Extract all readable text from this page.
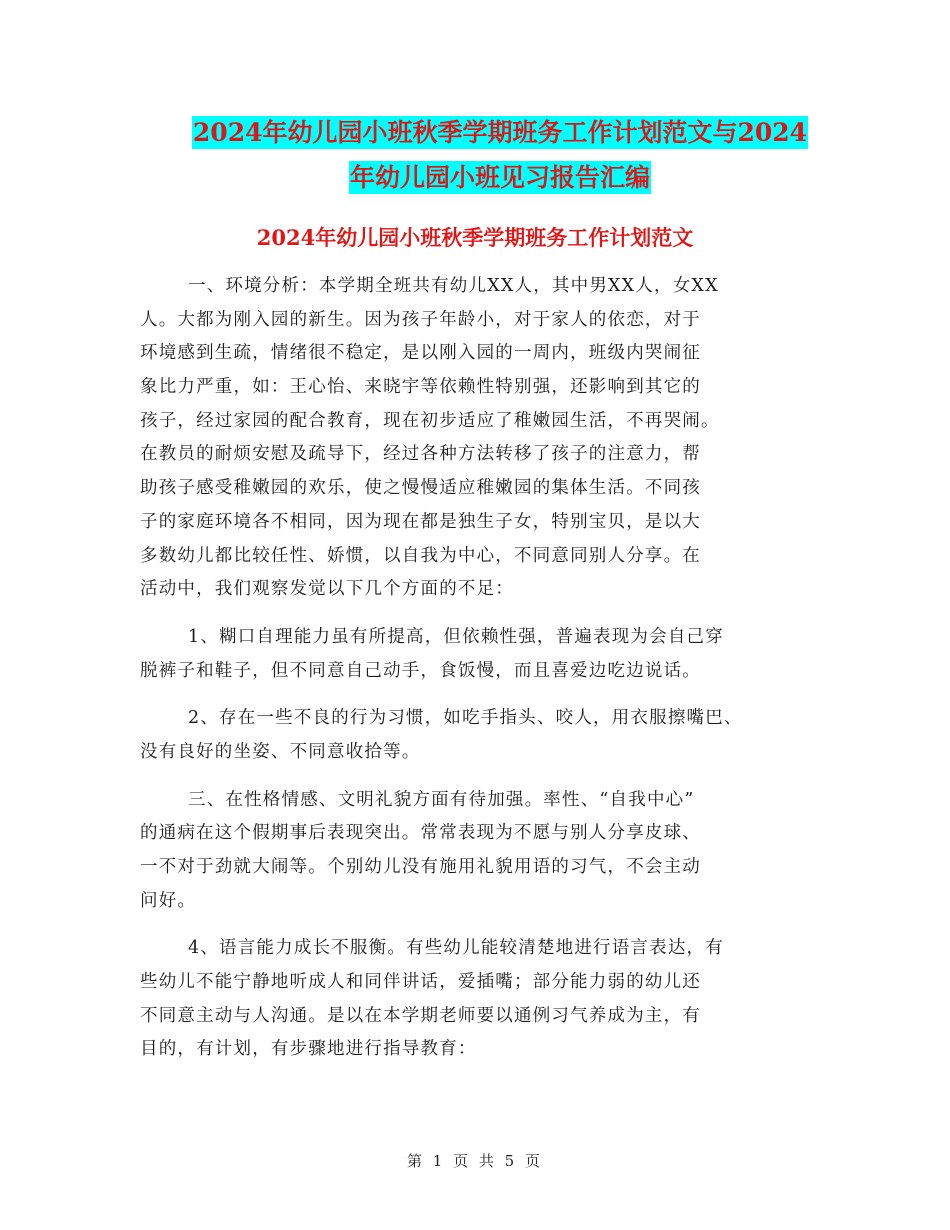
2024年幼儿园小班秋季学期班务工作计划范文与2024
年幼儿园小班见习报告汇编
2024年幼儿园小班秋季学期班务工作计划范文
一、环境分析：本学期全班共有幼儿XX人，其中男XX人，女XX
人。大都为刚入园的新生。因为孩子年龄小，对于家人的依恋，对于
环境感到生疏，情绪很不稳定，是以刚入园的一周内，班级内哭闹征
象比力严重，如：王心怡、来晓宇等依赖性特别强，还影响到其它的
孩子，经过家园的配合教育，现在初步适应了稚嫩园生活，不再哭闹。
在教员的耐烦安慰及疏导下，经过各种方法转移了孩子的注意力，帮
助孩子感受稚嫩园的欢乐，使之慢慢适应稚嫩园的集体生活。不同孩
子的家庭环境各不相同，因为现在都是独生子女，特别宝贝，是以大
多数幼儿都比较任性、娇惯，以自我为中心，不同意同别人分享。在
活动中，我们观察发觉以下几个方面的不足：
1、糊口自理能力虽有所提高，但依赖性强，普遍表现为会自己穿
脱裤子和鞋子，但不同意自己动手，食饭慢，而且喜爱边吃边说话。
2、存在一些不良的行为习惯，如吃手指头、咬人，用衣服擦嘴巴、
没有良好的坐姿、不同意收拾等。
三、在性格情感、文明礼貌方面有待加强。率性、“自我中心”
的通病在这个假期事后表现突出。常常表现为不愿与别人分享皮球、
一不对于劲就大闹等。个别幼儿没有施用礼貌用语的习气，不会主动
问好。
4、语言能力成长不服衡。有些幼儿能较清楚地进行语言表达，有
些幼儿不能宁静地听成人和同伴讲话，爱插嘴；部分能力弱的幼儿还
不同意主动与人沟通。是以在本学期老师要以通例习气养成为主，有
目的，有计划，有步骤地进行指导教育：
第 1 页 共 5 页
